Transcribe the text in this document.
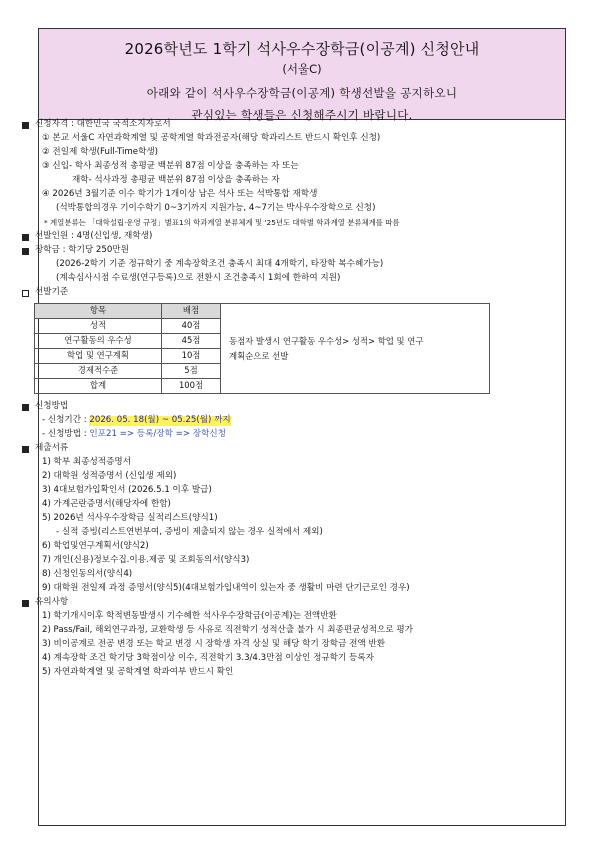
2026학년도 1학기 석사우수장학금(이공계) 신청안내
(서울C)
아래와 같이 석사우수장학금(이공계) 학생선발을 공지하오니
관심있는 학생들은 신청해주시기 바랍니다.
신청자격 : 대한민국 국적소지자로서
① 본교 서울C 자연과학계열 및 공학계열 학과전공자(해당 학과리스트 반드시 확인후 신청)
② 전일제 학생(Full-Time학생)
③ 신입- 학사 최종성적 총평균 백분위 87점 이상을 충족하는 자 또는
재학- 석사과정 총평균 백분위 87점 이상을 충족하는 자
④ 2026년 3월기준 이수 학기가 1개이상 남은 석사 또는 석박통합 재학생
(석박통합의경우 기이수학기 0~3기까지 지원가능, 4~7기는 박사우수장학으로 신청)
* 계열분류는 「대학설립·운영 규정」별표1의 학과계열 분류체계 및 '25년도 대학별 학과계열 분류체계를 따름
선발인원 : 4명(신입생, 재학생)
장학금 : 학기당 250만원
(2026-2학기 기준 정규학기 중 계속장학조건 충족시 최대 4개학기, 타장학 복수혜가능)
(계속심사시점 수료생(연구등록)으로 전환시 조건충족시 1회에 한하여 지원)
선발기준
항목	배점	동점자 발생시 연구활동 우수성> 성적> 학업 및 연구
계획순으로 선발
성적	40점	
연구활동의 우수성	45점	
학업 및 연구계획	10점	
경제적수준	5점	
합계	100점	
신청방법
- 신청기간 :
2026. 05. 18(월) ~ 05.25(월) 까지
- 신청방법 :
인포21 => 등록/장학 => 장학신청
제출서류
1) 학부 최종성적증명서
2) 대학원 성적증명서 (신입생 제외)
3) 4대보험가입확인서 (2026.5.1 이후 발급)
4) 가계곤란증명서(해당자에 한함)
5) 2026년 석사우수장학금 실적리스트(양식1)
- 실적 증빙(리스트연번부여, 증빙이 제출되지 않는 경우 실적에서 제외)
6) 학업및연구계획서(양식2)
7) 개인(신용)정보수집.이용.제공 및 조회동의서(양식3)
8) 신청인동의서(양식4)
9) 대학원 전일제 과정 증명서(양식5)(4대보험가입내역이 있는자 중 생활비 마련 단기근로인 경우)
유의사항
1) 학기개시이후 학적변동발생시 기수혜한 석사우수장학금(이공계)는 전액반환
2) Pass/Fail, 해외연구과정, 교환학생 등 사유로 직전학기 성적산출 불가 시 최종편균성적으로 평가
3) 비이공계로 전공 변경 또는 학교 변경 시 장학생 자격 상실 및 해당 학기 장학금 전액 반환
4) 계속장학 조건 학기당 3학점이상 이수, 직전학기 3.3/4.3만점 이상인 정규학기 등록자
5) 자연과학계열 및 공학계열 학과여부 반드시 확인
